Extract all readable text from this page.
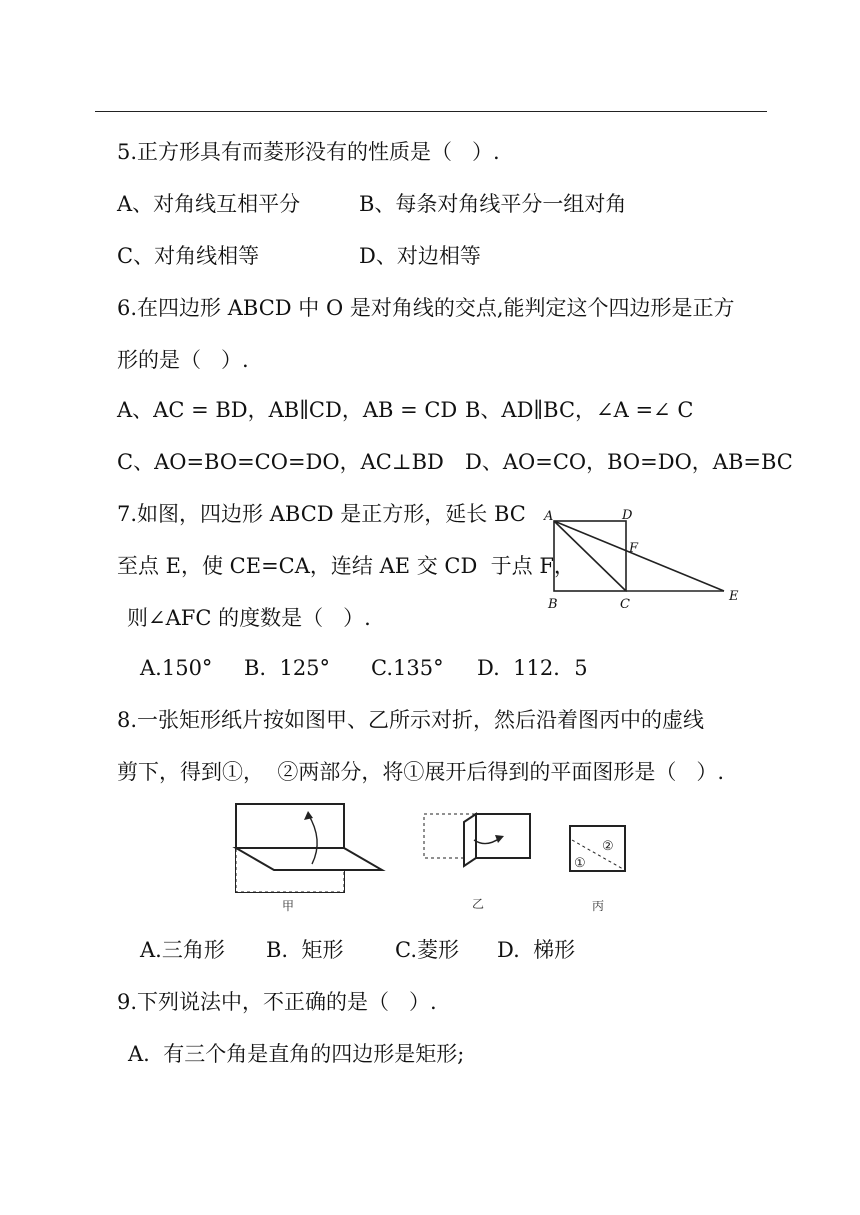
5.正方形具有而菱形没有的性质是（   ）.
A、对角线互相平分	B、每条对角线平分一组对角
C、对角线相等	D、对边相等
6.在四边形 ABCD 中 O 是对角线的交点,能判定这个四边形是正方
形的是（   ）.
A、AC = BD，AB∥CD，AB = CD B、AD∥BC，∠A =∠ C
C、AO=BO=CO=DO，AC⊥BD D、AO=CO，BO=DO，AB=BC
7.如图，四边形 ABCD 是正方形，延长 BC
至点 E，使 CE=CA，连结 AE 交 CD  于点 F，
则∠AFC 的度数是（   ）.
A	D
F
B	C
E
A.150° B.  125° C.135° D.  112．5
8.一张矩形纸片按如图甲、乙所示对折，然后沿着图丙中的虚线
剪下，得到①，  ②两部分，将①展开后得到的平面图形是（   ）.
甲	乙
①
②
丙
A.三角形 B.  矩形 C.菱形 D.  梯形
9.下列说法中，不正确的是（   ）.
A.  有三个角是直角的四边形是矩形;
